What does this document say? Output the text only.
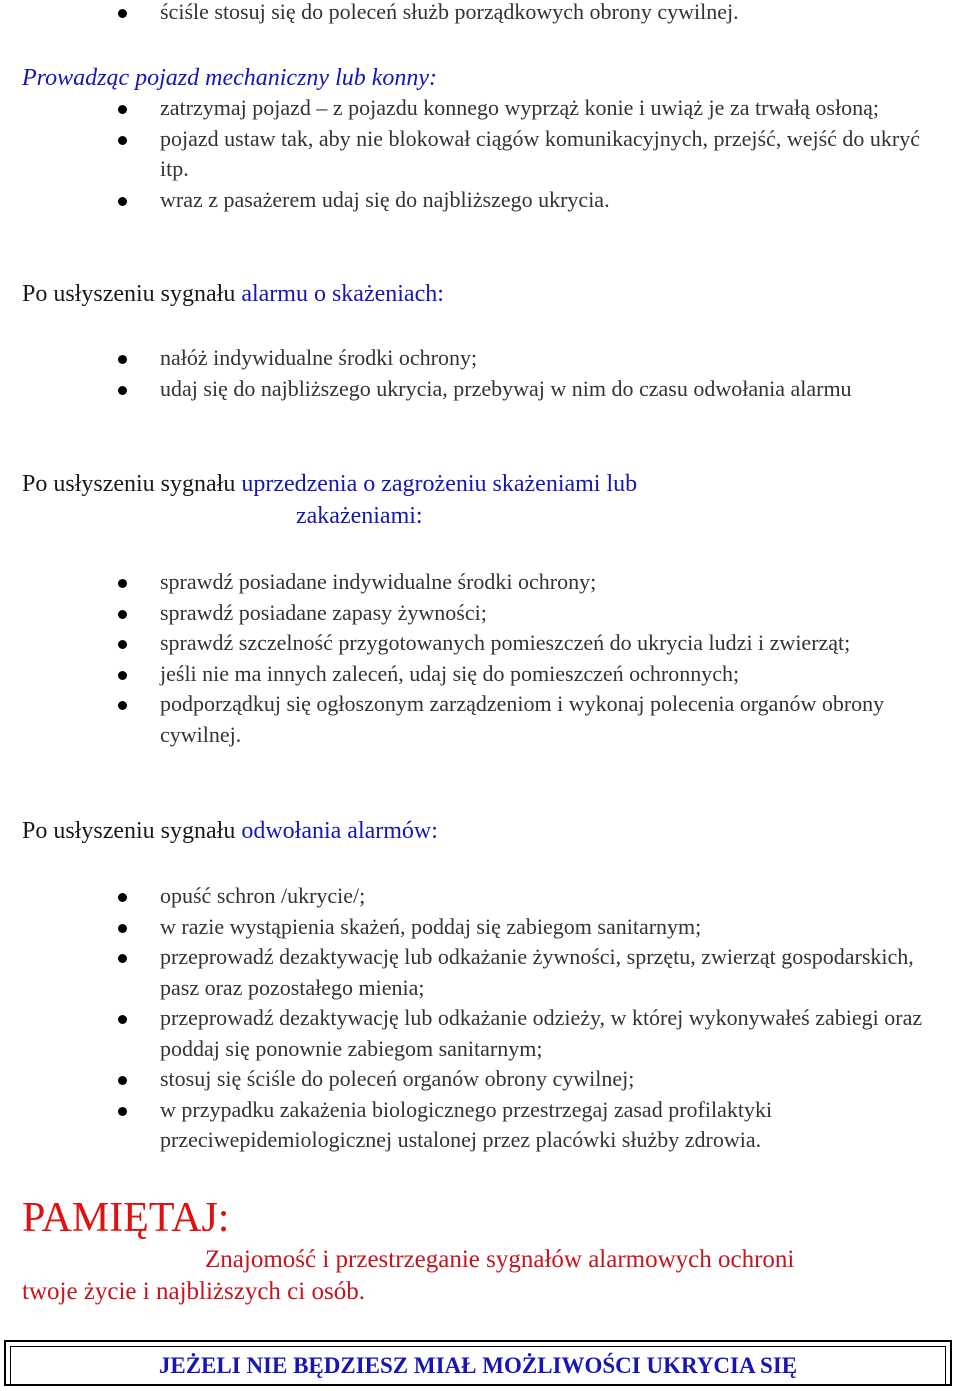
ściśle stosuj się do poleceń służb porządkowych obrony cywilnej.
Prowadząc pojazd mechaniczny lub konny:
zatrzymaj pojazd – z pojazdu konnego wyprząż konie i uwiąż je za trwałą osłoną;
pojazd ustaw tak, aby nie blokował ciągów komunikacyjnych, przejść, wejść do ukryć itp.
wraz z pasażerem udaj się do najbliższego ukrycia.
Po usłyszeniu sygnału alarmu o skażeniach:
nałóż indywidualne środki ochrony;
udaj się do najbliższego ukrycia, przebywaj w nim do czasu odwołania alarmu
Po usłyszeniu sygnału uprzedzenia o zagrożeniu skażeniami lub
zakażeniami:
sprawdź posiadane indywidualne środki ochrony;
sprawdź posiadane zapasy żywności;
sprawdź szczelność przygotowanych pomieszczeń do ukrycia ludzi i zwierząt;
jeśli nie ma innych zaleceń, udaj się do pomieszczeń ochronnych;
podporządkuj się ogłoszonym zarządzeniom i wykonaj polecenia organów obrony cywilnej.
Po usłyszeniu sygnału odwołania alarmów:
opuść schron /ukrycie/;
w razie wystąpienia skażeń, poddaj się zabiegom sanitarnym;
przeprowadź dezaktywację lub odkażanie żywności, sprzętu, zwierząt gospodarskich, pasz oraz pozostałego mienia;
przeprowadź dezaktywację lub odkażanie odzieży, w której wykonywałeś zabiegi oraz poddaj się ponownie zabiegom sanitarnym;
stosuj się ściśle do poleceń organów obrony cywilnej;
w przypadku zakażenia biologicznego przestrzegaj zasad profilaktyki przeciwepidemiologicznej ustalonej przez placówki służby zdrowia.
PAMIĘTAJ:
Znajomość i przestrzeganie sygnałów alarmowych ochroni
twoje życie i najbliższych ci osób.
JEŻELI NIE BĘDZIESZ MIAŁ MOŻLIWOŚCI UKRYCIA SIĘ
